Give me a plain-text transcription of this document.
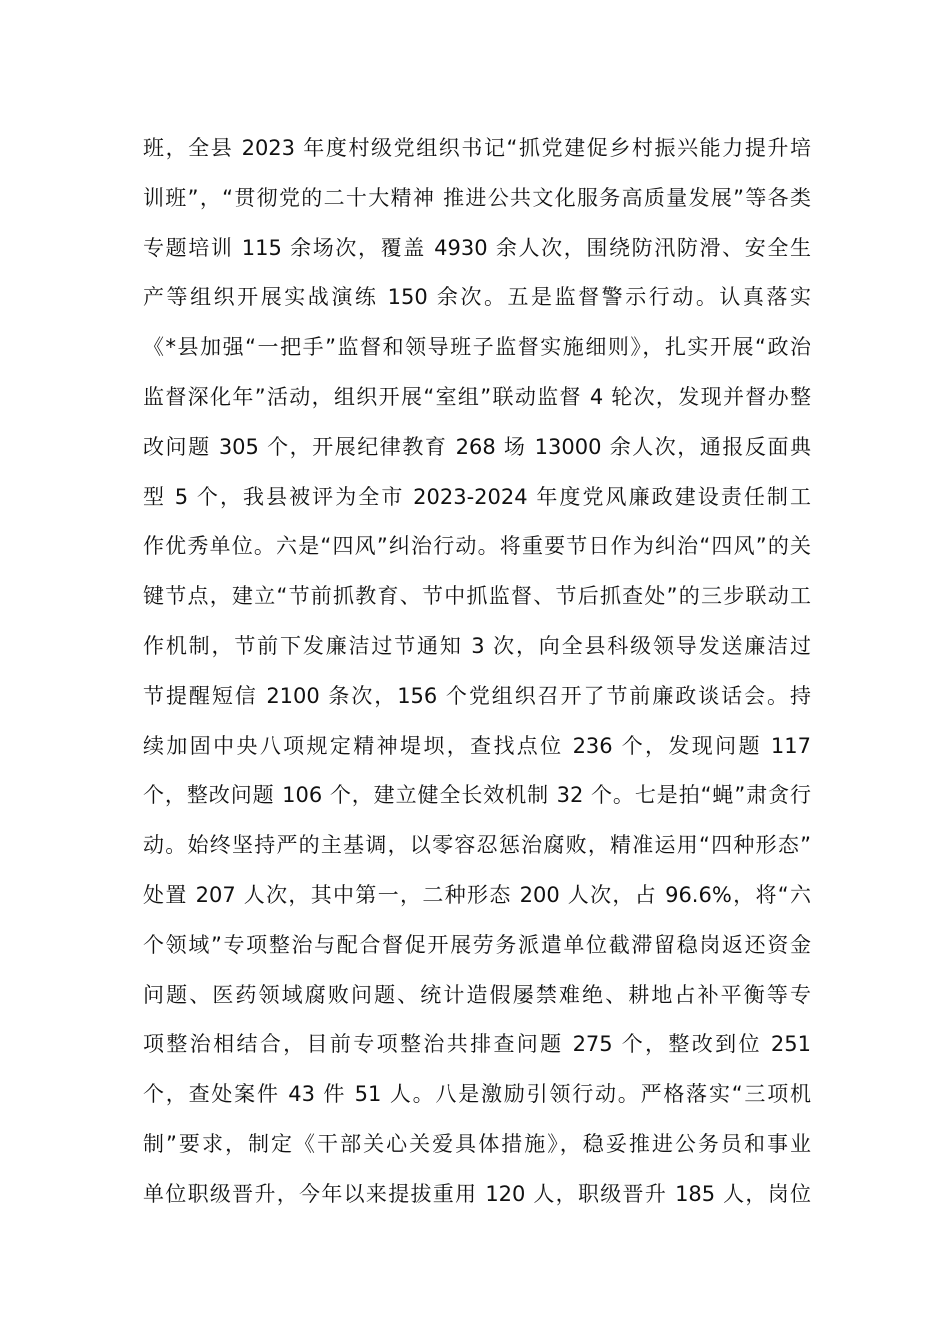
班，全县 2023 年度村级党组织书记“抓党建促乡村振兴能力提升培
训班”，“贯彻党的二十大精神 推进公共文化服务高质量发展”等各类
专题培训 115 余场次，覆盖 4930 余人次，围绕防汛防滑、安全生
产等组织开展实战演练 150 余次。五是监督警示行动。认真落实
《*县加强“一把手”监督和领导班子监督实施细则》，扎实开展“政治
监督深化年”活动，组织开展“室组”联动监督 4 轮次，发现并督办整
改问题 305 个，开展纪律教育 268 场 13000 余人次，通报反面典
型 5 个，我县被评为全市 2023-2024 年度党风廉政建设责任制工
作优秀单位。六是“四风”纠治行动。将重要节日作为纠治“四风”的关
键节点，建立“节前抓教育、节中抓监督、节后抓查处”的三步联动工
作机制，节前下发廉洁过节通知 3 次，向全县科级领导发送廉洁过
节提醒短信 2100 条次，156 个党组织召开了节前廉政谈话会。持
续加固中央八项规定精神堤坝，查找点位 236 个，发现问题 117
个，整改问题 106 个，建立健全长效机制 32 个。七是拍“蝇”肃贪行
动。始终坚持严的主基调，以零容忍惩治腐败，精准运用“四种形态”
处置 207 人次，其中第一，二种形态 200 人次，占 96.6%，将“六
个领域”专项整治与配合督促开展劳务派遣单位截滞留稳岗返还资金
问题、医药领域腐败问题、统计造假屡禁难绝、耕地占补平衡等专
项整治相结合，目前专项整治共排查问题 275 个，整改到位 251
个，查处案件 43 件 51 人。八是激励引领行动。严格落实“三项机
制”要求，制定《干部关心关爱具体措施》，稳妥推进公务员和事业
单位职级晋升，今年以来提拔重用 120 人，职级晋升 185 人，岗位
